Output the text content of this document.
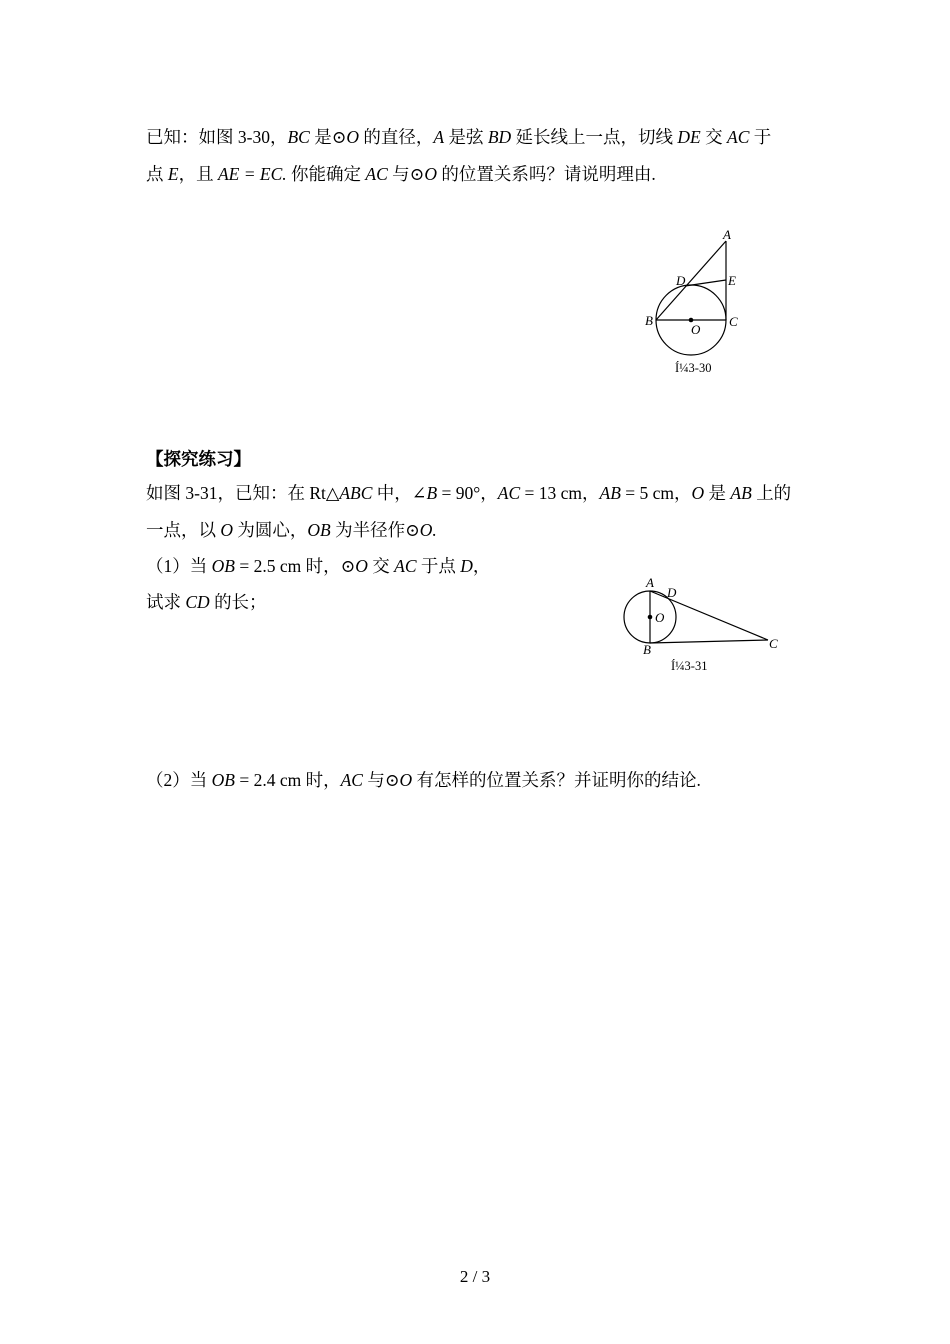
已知：如图 3-30，BC 是⊙O 的直径，A 是弦 BD 延长线上一点，切线 DE 交 AC 于
点 E，且 AE = EC. 你能确定 AC 与⊙O 的位置关系吗？请说明理由.
A
D	E
B
O
C
Í¼3-30
【探究练习】
如图 3-31，已知：在 Rt△ABC 中，∠B = 90°，AC = 13 cm，AB = 5 cm，O 是 AB 上的
一点，以 O 为圆心，OB 为半径作⊙O.
（1）当 OB = 2.5 cm 时，⊙O 交 AC 于点 D，
试求 CD 的长；
A
D
O
B	C
Í¼3-31
（2）当 OB = 2.4 cm 时，AC 与⊙O 有怎样的位置关系？并证明你的结论.
2 / 3
